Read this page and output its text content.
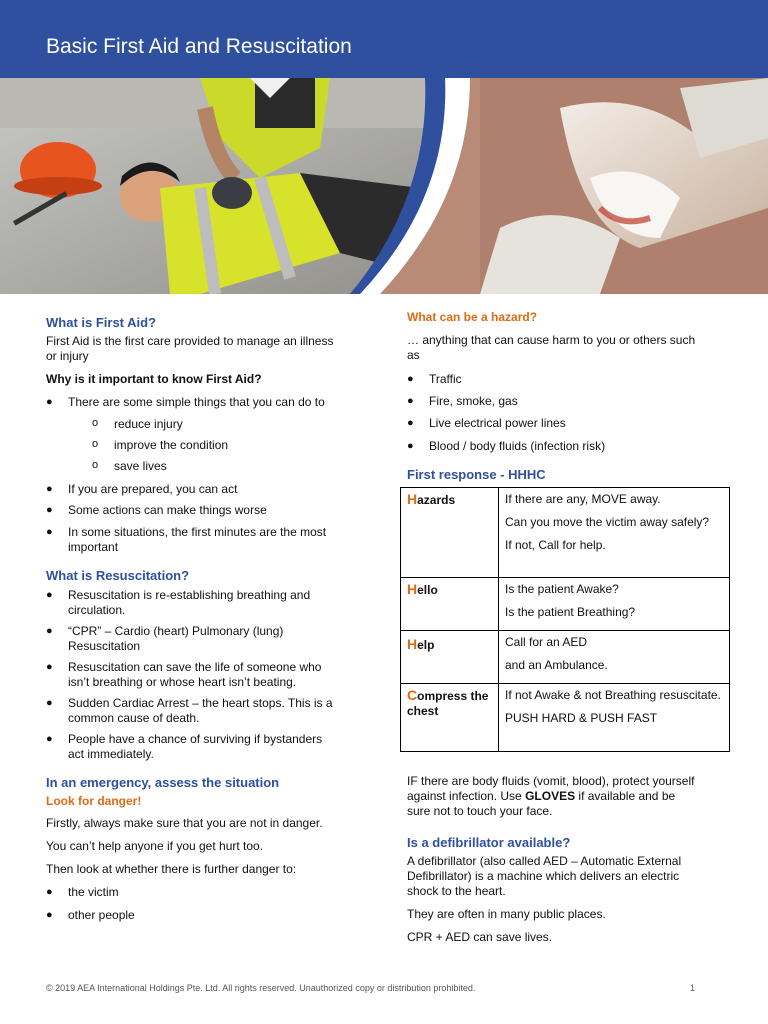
Basic First Aid and Resuscitation
What is First Aid?
First Aid is the first care provided to manage an illness
or injury
Why is it important to know First Aid?
● There are some simple things that you can do to
o reduce injury
o improve the condition
o save lives
● If you are prepared, you can act
● Some actions can make things worse
● In some situations, the first minutes are the most
important
What is Resuscitation?
● Resuscitation is re-establishing breathing and
circulation.
● “CPR” – Cardio (heart) Pulmonary (lung)
Resuscitation
● Resuscitation can save the life of someone who
isn’t breathing or whose heart isn’t beating.
● Sudden Cardiac Arrest – the heart stops. This is a
common cause of death.
● People have a chance of surviving if bystanders
act immediately.
In an emergency, assess the situation
Look for danger!
Firstly, always make sure that you are not in danger.
You can’t help anyone if you get hurt too.
Then look at whether there is further danger to:
● the victim
● other people
What can be a hazard?
… anything that can cause harm to you or others such
as
● Traffic
● Fire, smoke, gas
● Live electrical power lines
● Blood / body fluids (infection risk)
First response - HHHC
Hazards	If there are any, MOVE away.
Can you move the victim away safely?
If not, Call for help.

Hello	Is the patient Awake?
Is the patient Breathing?

Help	Call for an AED
and an Ambulance.

Compress the chest	If not Awake & not Breathing resuscitate.
PUSH HARD & PUSH FAST
IF there are body fluids (vomit, blood), protect yourself
against infection. Use GLOVES if available and be
sure not to touch your face.
Is a defibrillator available?
A defibrillator (also called AED – Automatic External
Defibrillator) is a machine which delivers an electric
shock to the heart.
They are often in many public places.
CPR + AED can save lives.
© 2019 AEA International Holdings Pte. Ltd. All rights reserved. Unauthorized copy or distribution prohibited.	1
